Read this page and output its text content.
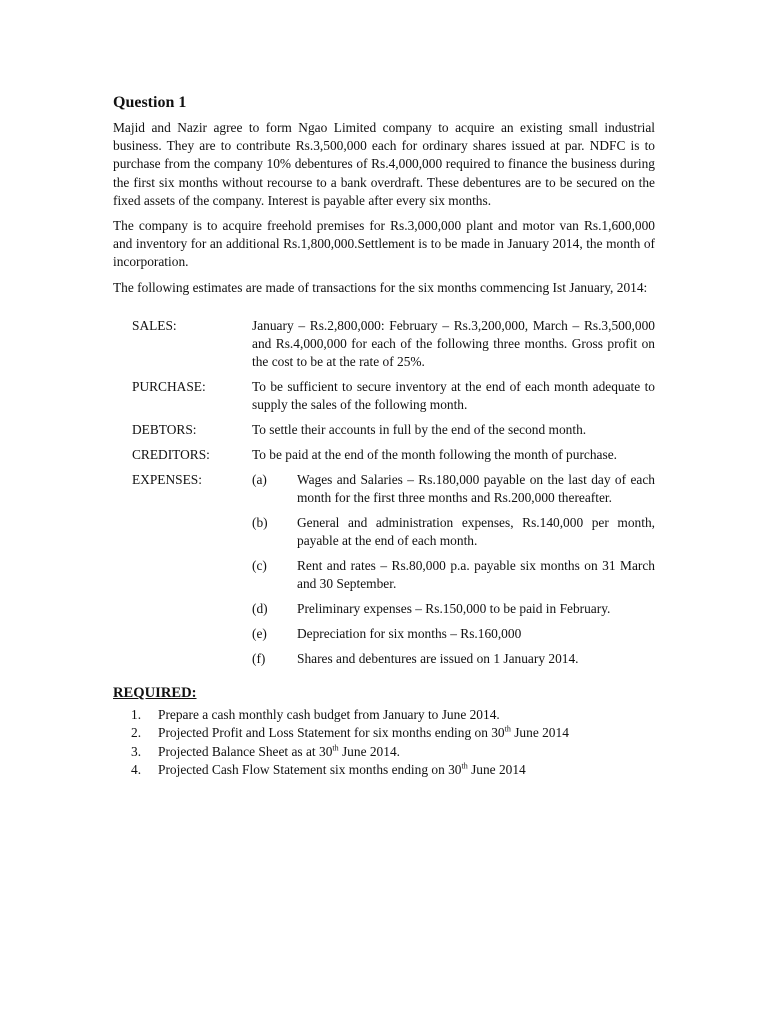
Question 1

Majid and Nazir agree to form Ngao Limited company to acquire an existing small industrial business. They are to contribute Rs.3,500,000 each for ordinary shares issued at par. NDFC is to purchase from the company 10% debentures of Rs.4,000,000 required to finance the business during the first six months without recourse to a bank overdraft. These debentures are to be secured on the fixed assets of the company. Interest is payable after every six months.

The company is to acquire freehold premises for Rs.3,000,000 plant and motor van Rs.1,600,000 and inventory for an additional Rs.1,800,000.Settlement is to be made in January 2014, the month of incorporation.

The following estimates are made of transactions for the six months commencing Ist January, 2014:

SALES:	January – Rs.2,800,000: February – Rs.3,200,000, March – Rs.3,500,000 and Rs.4,000,000 for each of the following three months. Gross profit on the cost to be at the rate of 25%.
PURCHASE:	To be sufficient to secure inventory at the end of each month adequate to supply the sales of the following month.
DEBTORS:	To settle their accounts in full by the end of the second month.
CREDITORS:	To be paid at the end of the month following the month of purchase.
EXPENSES:	(a)	Wages and Salaries – Rs.180,000 payable on the last day of each month for the first three months and Rs.200,000 thereafter.
(b)	General and administration expenses, Rs.140,000 per month, payable at the end of each month.
(c)	Rent and rates – Rs.80,000 p.a. payable six months on 31 March and 30 September.
(d)	Preliminary expenses – Rs.150,000 to be paid in February.
(e)	Depreciation for six months – Rs.160,000
(f)	Shares and debentures are issued on 1 January 2014.
REQUIRED:
1.	Prepare a cash monthly cash budget from January to June 2014.
2.	Projected Profit and Loss Statement for six months ending on 30th June 2014
3.	Projected Balance Sheet as at 30th June 2014.
4.	Projected Cash Flow Statement six months ending on 30th June 2014
